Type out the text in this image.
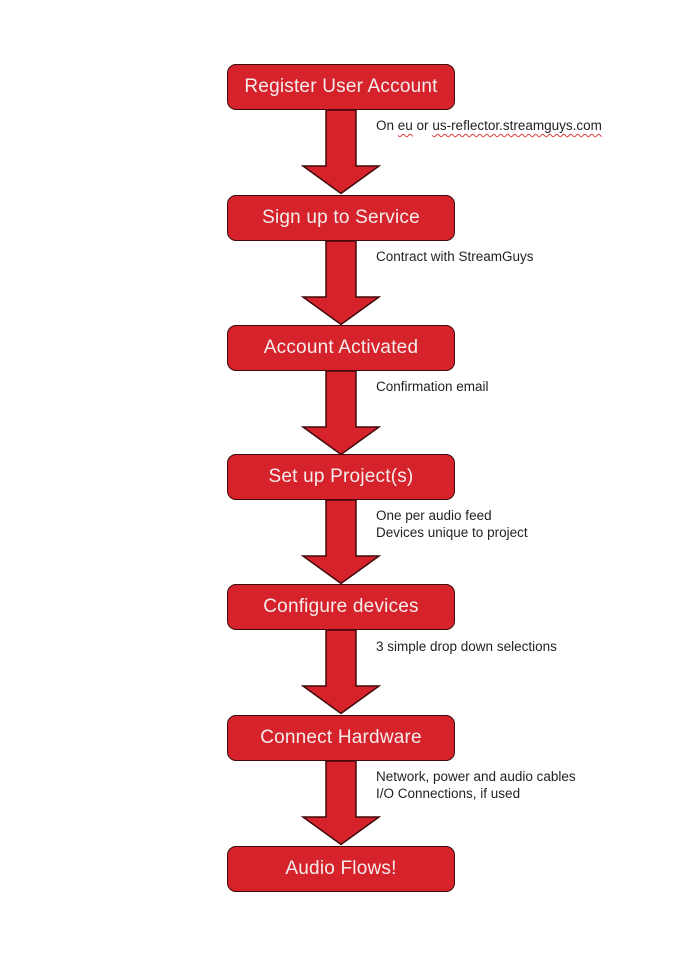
Register User Account
Sign up to Service
Account Activated
Set up Project(s)
Configure devices
Connect Hardware
Audio Flows!
On eu or us-reflector.streamguys.com
Contract with StreamGuys
Confirmation email
One per audio feed
Devices unique to project
3 simple drop down selections
Network, power and audio cables
I/O Connections, if used
